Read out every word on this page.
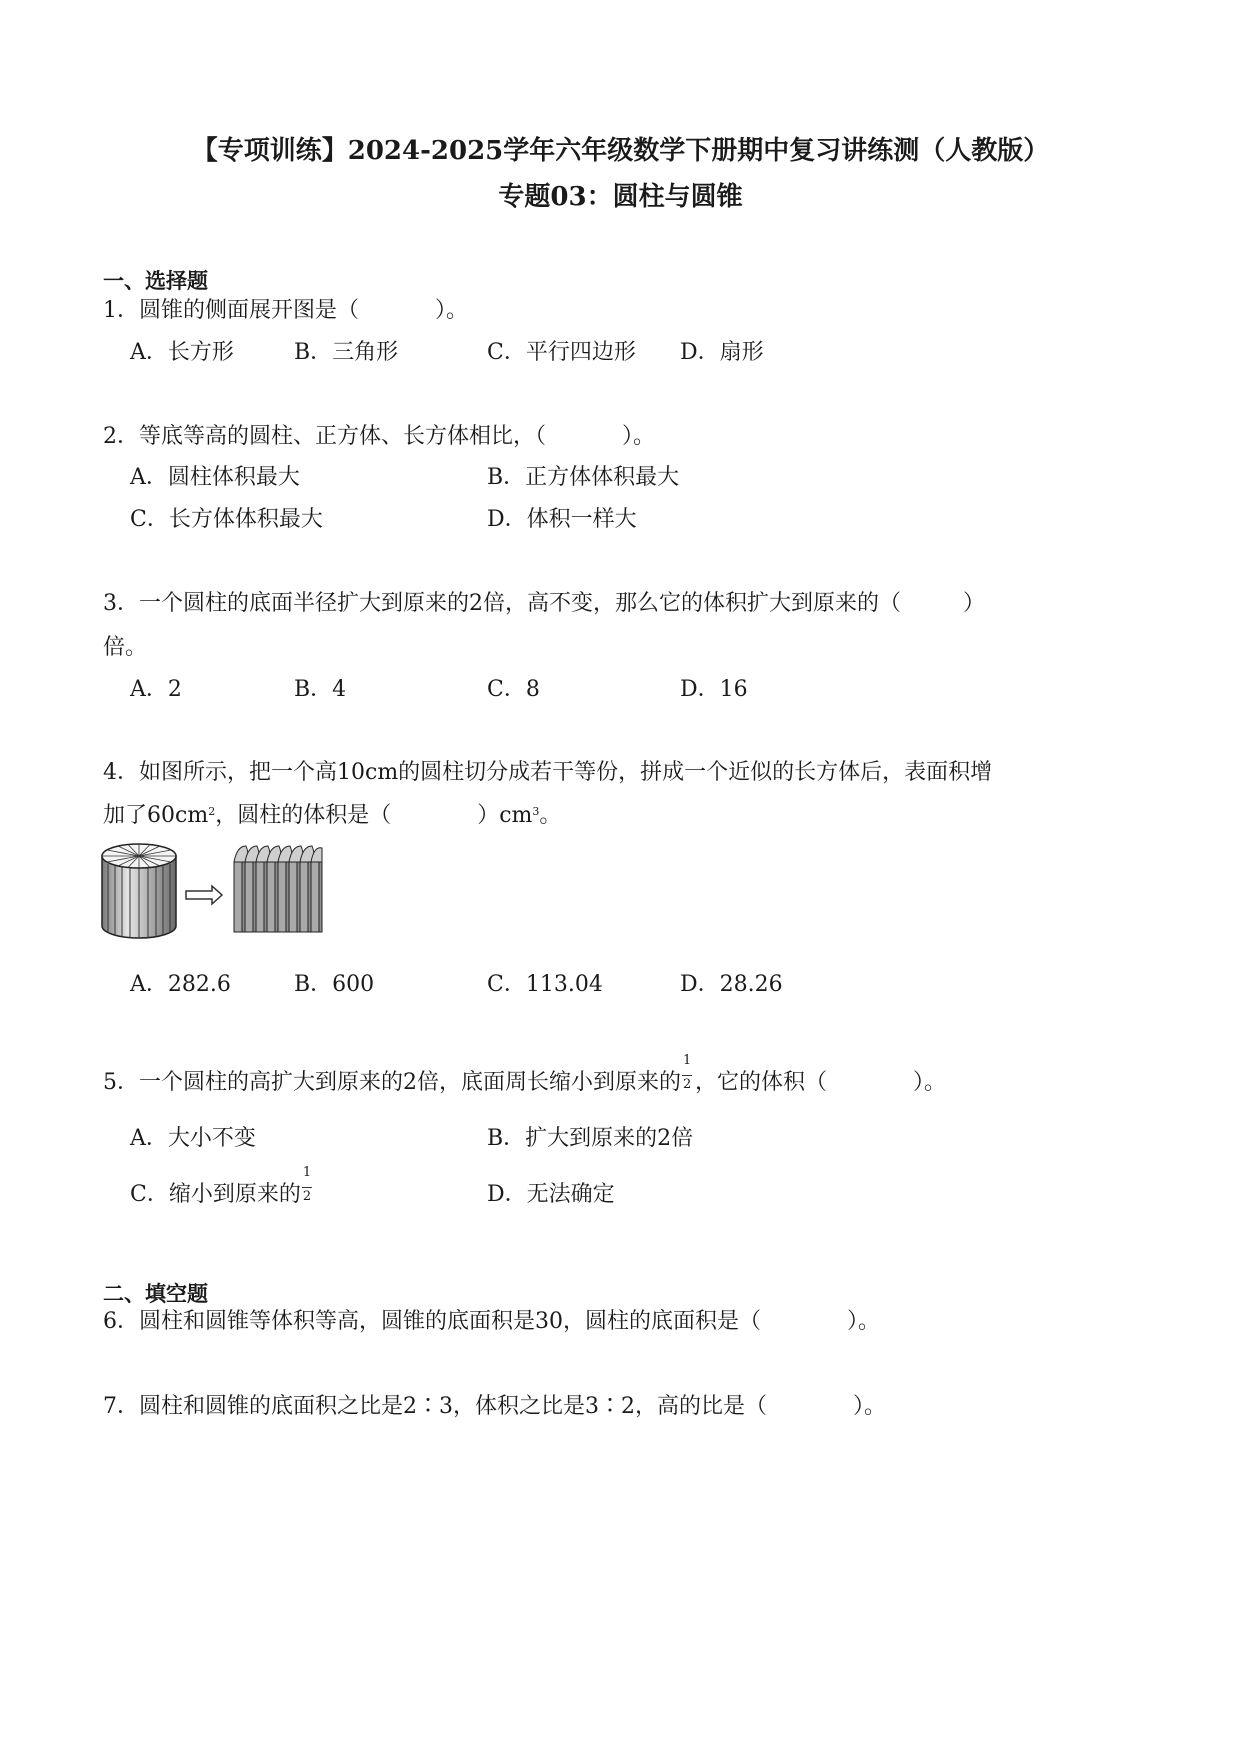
【专项训练】2024-2025学年六年级数学下册期中复习讲练测（人教版）
专题03：圆柱与圆锥
一、选择题
1．圆锥的侧面展开图是（	）。
A．长方形	B．三角形	C．平行四边形 D．扇形
2．等底等高的圆柱、正方体、长方体相比，（	）。
A．圆柱体积最大	B．正方体体积最大
C．长方体体积最大	D．体积一样大
3．一个圆柱的底面半径扩大到原来的2倍，高不变，那么它的体积扩大到原来的（	）
倍。
A．2	B．4	C．8	D．16
4．如图所示，把一个高10cm的圆柱切分成若干等份，拼成一个近似的长方体后，表面积增
加了$60cm^2$，圆柱的体积是（	）$cm^3$。
A．282.6	B．600	C．113.04	D．28.26
5．一个圆柱的高扩大到原来的2倍，底面周长缩小到原来的 $\frac{1}{2}$ ，它的体积（	）。
A．大小不变	B．扩大到原来的2倍
C．缩小到原来的 $\frac{1}{2}$	D．无法确定
二、填空题
6．圆柱和圆锥等体积等高，圆锥的底面积是30，圆柱的底面积是（	）。
7．圆柱和圆锥的底面积之比是2∶3，体积之比是3∶2，高的比是（	）。
